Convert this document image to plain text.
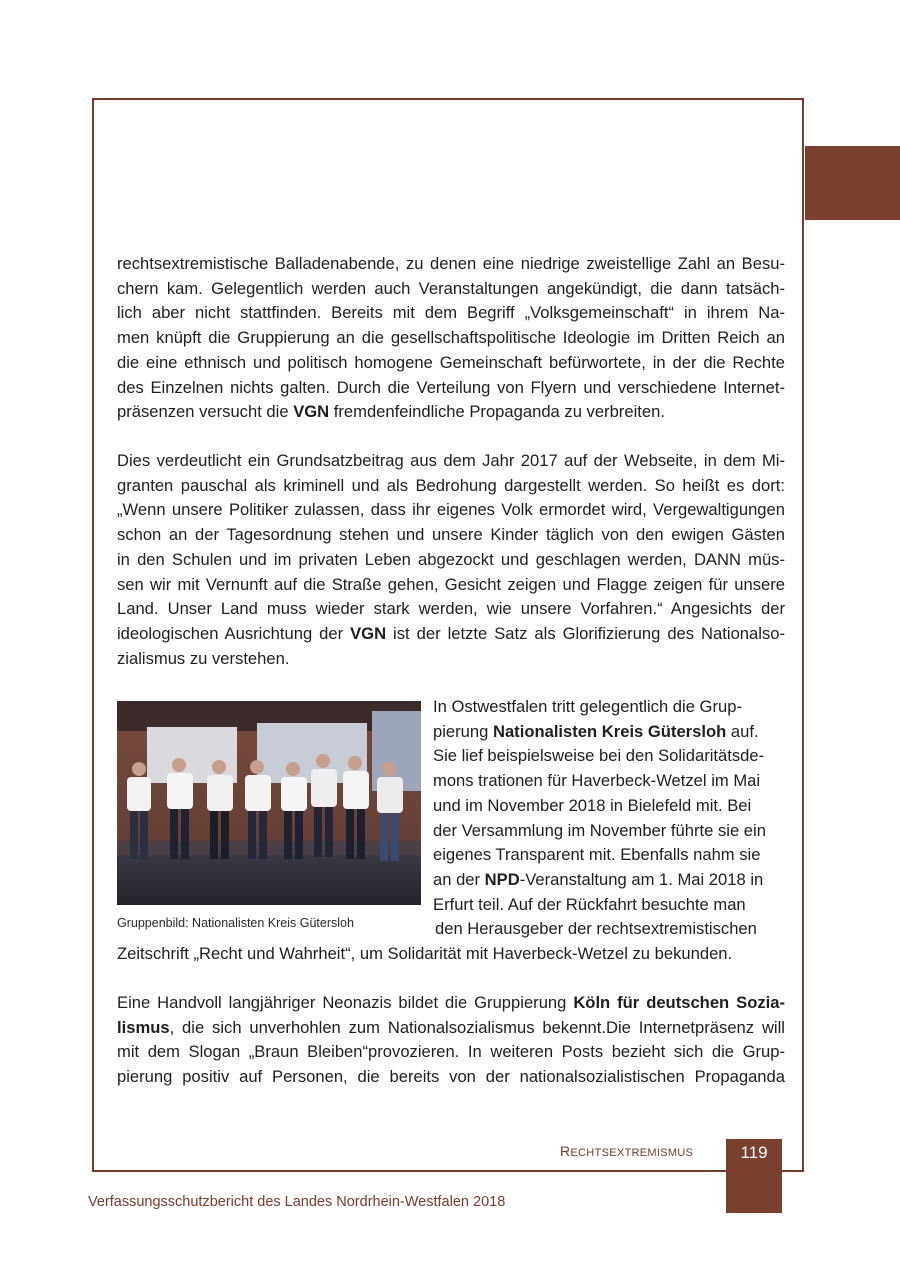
rechtsextremistische Balladenabende, zu denen eine niedrige zweistellige Zahl an Besu-
chern kam. Gelegentlich werden auch Veranstaltungen angekündigt, die dann tatsäch-
lich aber nicht stattfinden. Bereits mit dem Begriff „Volksgemeinschaft“ in ihrem Na-
men knüpft die Gruppierung an die gesellschaftspolitische Ideologie im Dritten Reich an
die eine ethnisch und politisch homogene Gemeinschaft befürwortete, in der die Rechte
des Einzelnen nichts galten. Durch die Verteilung von Flyern und verschiedene Internet-
präsenzen versucht die VGN fremdenfeindliche Propaganda zu verbreiten.
Dies verdeutlicht ein Grundsatzbeitrag aus dem Jahr 2017 auf der Webseite, in dem Mi-
granten pauschal als kriminell und als Bedrohung dargestellt werden. So heißt es dort:
„Wenn unsere Politiker zulassen, dass ihr eigenes Volk ermordet wird, Vergewaltigungen
schon an der Tagesordnung stehen und unsere Kinder täglich von den ewigen Gästen
in den Schulen und im privaten Leben abgezockt und geschlagen werden, DANN müs-
sen wir mit Vernunft auf die Straße gehen, Gesicht zeigen und Flagge zeigen für unsere
Land. Unser Land muss wieder stark werden, wie unsere Vorfahren.“ Angesichts der
ideologischen Ausrichtung der VGN ist der letzte Satz als Glorifizierung des Nationalso-
zialismus zu verstehen.
Gruppenbild: Nationalisten Kreis Gütersloh
In Ostwestfalen tritt gelegentlich die Grup-
pierung Nationalisten Kreis Gütersloh auf.
Sie lief beispielsweise bei den Solidaritätsde-
mons trationen für Haverbeck-Wetzel im Mai
und im November 2018 in Bielefeld mit. Bei
der Versammlung im November führte sie ein
eigenes Transparent mit. Ebenfalls nahm sie
an der NPD-Veranstaltung am 1. Mai 2018 in
Erfurt teil. Auf der Rückfahrt besuchte man
den Herausgeber der rechtsextremistischen
Zeitschrift „Recht und Wahrheit“, um Solidarität mit Haverbeck-Wetzel zu bekunden.
Eine Handvoll langjähriger Neonazis bildet die Gruppierung Köln für deutschen Sozia-
lismus, die sich unverhohlen zum Nationalsozialismus bekennt.Die Internetpräsenz will
mit dem Slogan „Braun Bleiben“provozieren. In weiteren Posts bezieht sich die Grup-
pierung positiv auf Personen, die bereits von der nationalsozialistischen Propaganda
RECHTSEXTREMISMUS	119
Verfassungsschutzbericht des Landes Nordrhein-Westfalen 2018
